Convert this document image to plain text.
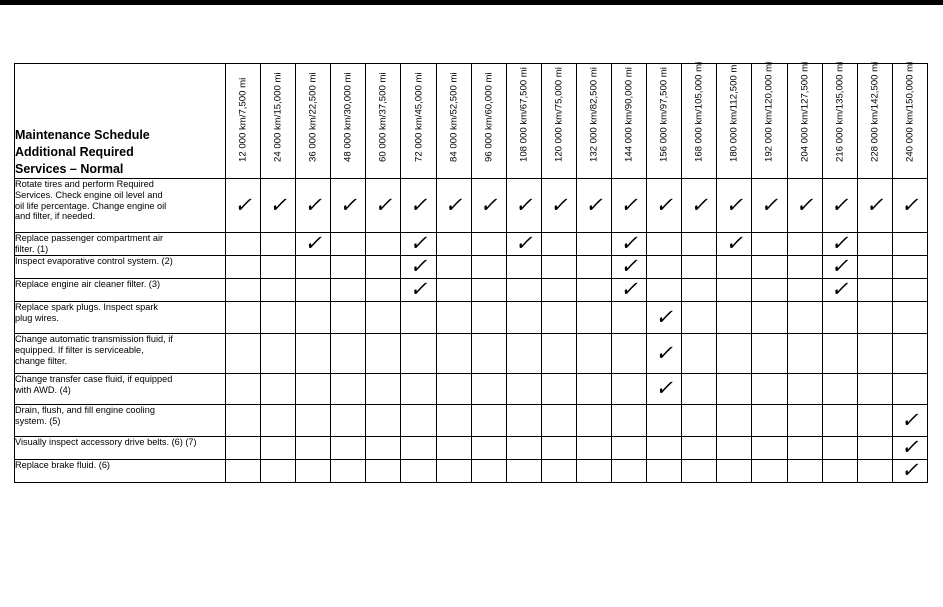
Maintenance Schedule
Additional Required
Services – Normal	12 000 km/7,500 mi	24 000 km/15,000 mi	36 000 km/22,500 mi	48 000 km/30,000 mi	60 000 km/37,500 mi	72 000 km/45,000 mi	84 000 km/52,500 mi	96 000 km/60,000 mi	108 000 km/67,500 mi	120 000 km/75,000 mi	132 000 km/82,500 mi	144 000 km/90,000 mi	156 000 km/97,500 mi	168 000 km/105,000 mi	180 000 km/112,500 mi	192 000 km/120,000 mi	204 000 km/127,500 mi	216 000 km/135,000 mi	228 000 km/142,500 mi	240 000 km/150,000 mi

Rotate tires and perform Required
Services. Check engine oil level and
oil life percentage. Change engine oil
and filter, if needed.	✓	✓	✓	✓	✓	✓	✓	✓	✓	✓	✓	✓	✓	✓	✓	✓	✓	✓	✓	✓

Replace passenger compartment air
filter. (1)			✓			✓			✓			✓			✓			✓		

Inspect evaporative control system. (2)						✓						✓						✓		

Replace engine air cleaner filter. (3)						✓						✓						✓		

Replace spark plugs. Inspect spark
plug wires.													✓							

Change automatic transmission fluid, if
equipped. If filter is serviceable,
change filter.													✓							

Change transfer case fluid, if equipped
with AWD. (4)													✓							

Drain, flush, and fill engine cooling
system. (5)																				✓

Visually inspect accessory drive belts. (6) (7)																				✓

Replace brake fluid. (6)																				✓
